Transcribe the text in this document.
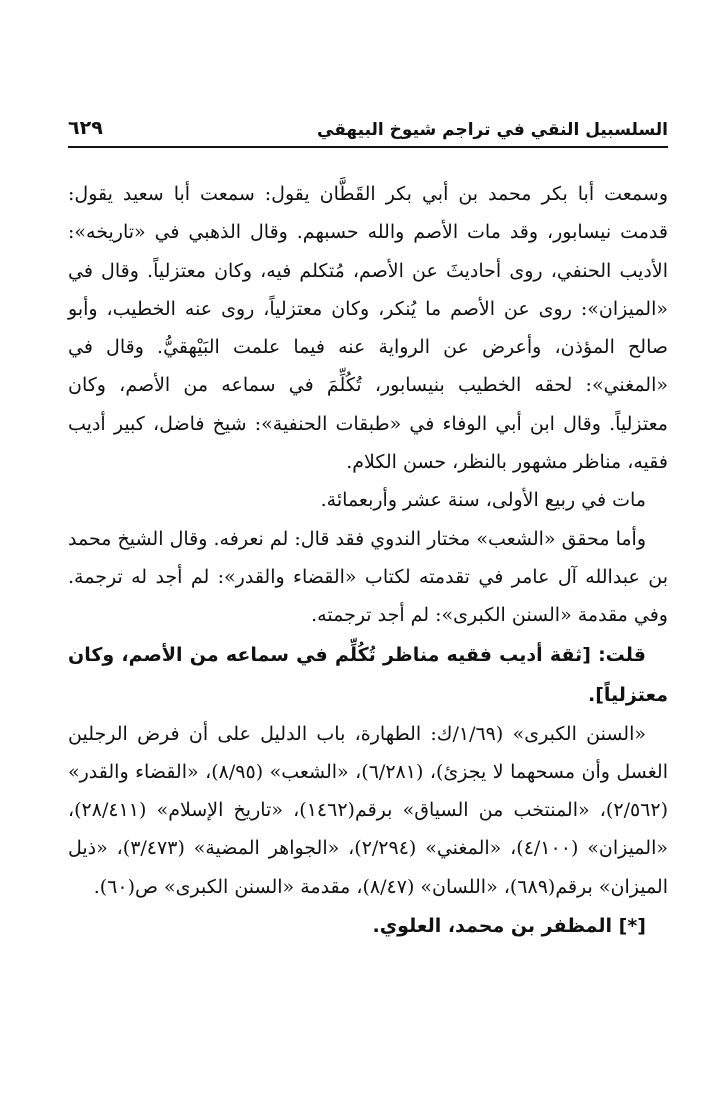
السلسبيل النقي في تراجم شيوخ البيهقي
٦٢٩

وسمعت أبا بكر محمد بن أبي بكر القَطَّان يقول: سمعت أبا سعيد يقول: قدمت نيسابور، وقد مات الأصم والله حسبهم. وقال الذهبي في «تاريخه»: الأديب الحنفي، روى أحاديثَ عن الأصم، مُتكلم فيه، وكان معتزلياً. وقال في «الميزان»: روى عن الأصم ما يُنكر، وكان معتزلياً، روى عنه الخطيب، وأبو صالح المؤذن، وأعرض عن الرواية عنه فيما علمت البَيْهقيُّ. وقال في «المغني»: لحقه الخطيب بنيسابور، تُكُلِّمَ في سماعه من الأصم، وكان معتزلياً. وقال ابن أبي الوفاء في «طبقات الحنفية»: شيخ فاضل، كبير أديب فقيه، مناظر مشهور بالنظر، حسن الكلام.

مات في ربيع الأولى، سنة عشر وأربعمائة.

وأما محقق «الشعب» مختار الندوي فقد قال: لم نعرفه. وقال الشيخ محمد بن عبدالله آل عامر في تقدمته لكتاب «القضاء والقدر»: لم أجد له ترجمة. وفي مقدمة «السنن الكبرى»: لم أجد ترجمته.

قلت: [ثقة أديب فقيه مناظر تُكُلِّم في سماعه من الأصم، وكان معتزلياً].

«السنن الكبرى» (١/٦٩/ك: الطهارة، باب الدليل على أن فرض الرجلين الغسل وأن مسحهما لا يجزئ)، (٦/٢٨١)، «الشعب» (٨/٩٥)، «القضاء والقدر» (٢/٥٦٢)، «المنتخب من السياق» برقم(١٤٦٢)، «تاريخ الإسلام» (٢٨/٤١١)، «الميزان» (٤/١٠٠)، «المغني» (٢/٢٩٤)، «الجواهر المضية» (٣/٤٧٣)، «ذيل الميزان» برقم(٦٨٩)، «اللسان» (٨/٤٧)، مقدمة «السنن الكبرى» ص(٦٠).

[*] المظفر بن محمد، العلوي.
